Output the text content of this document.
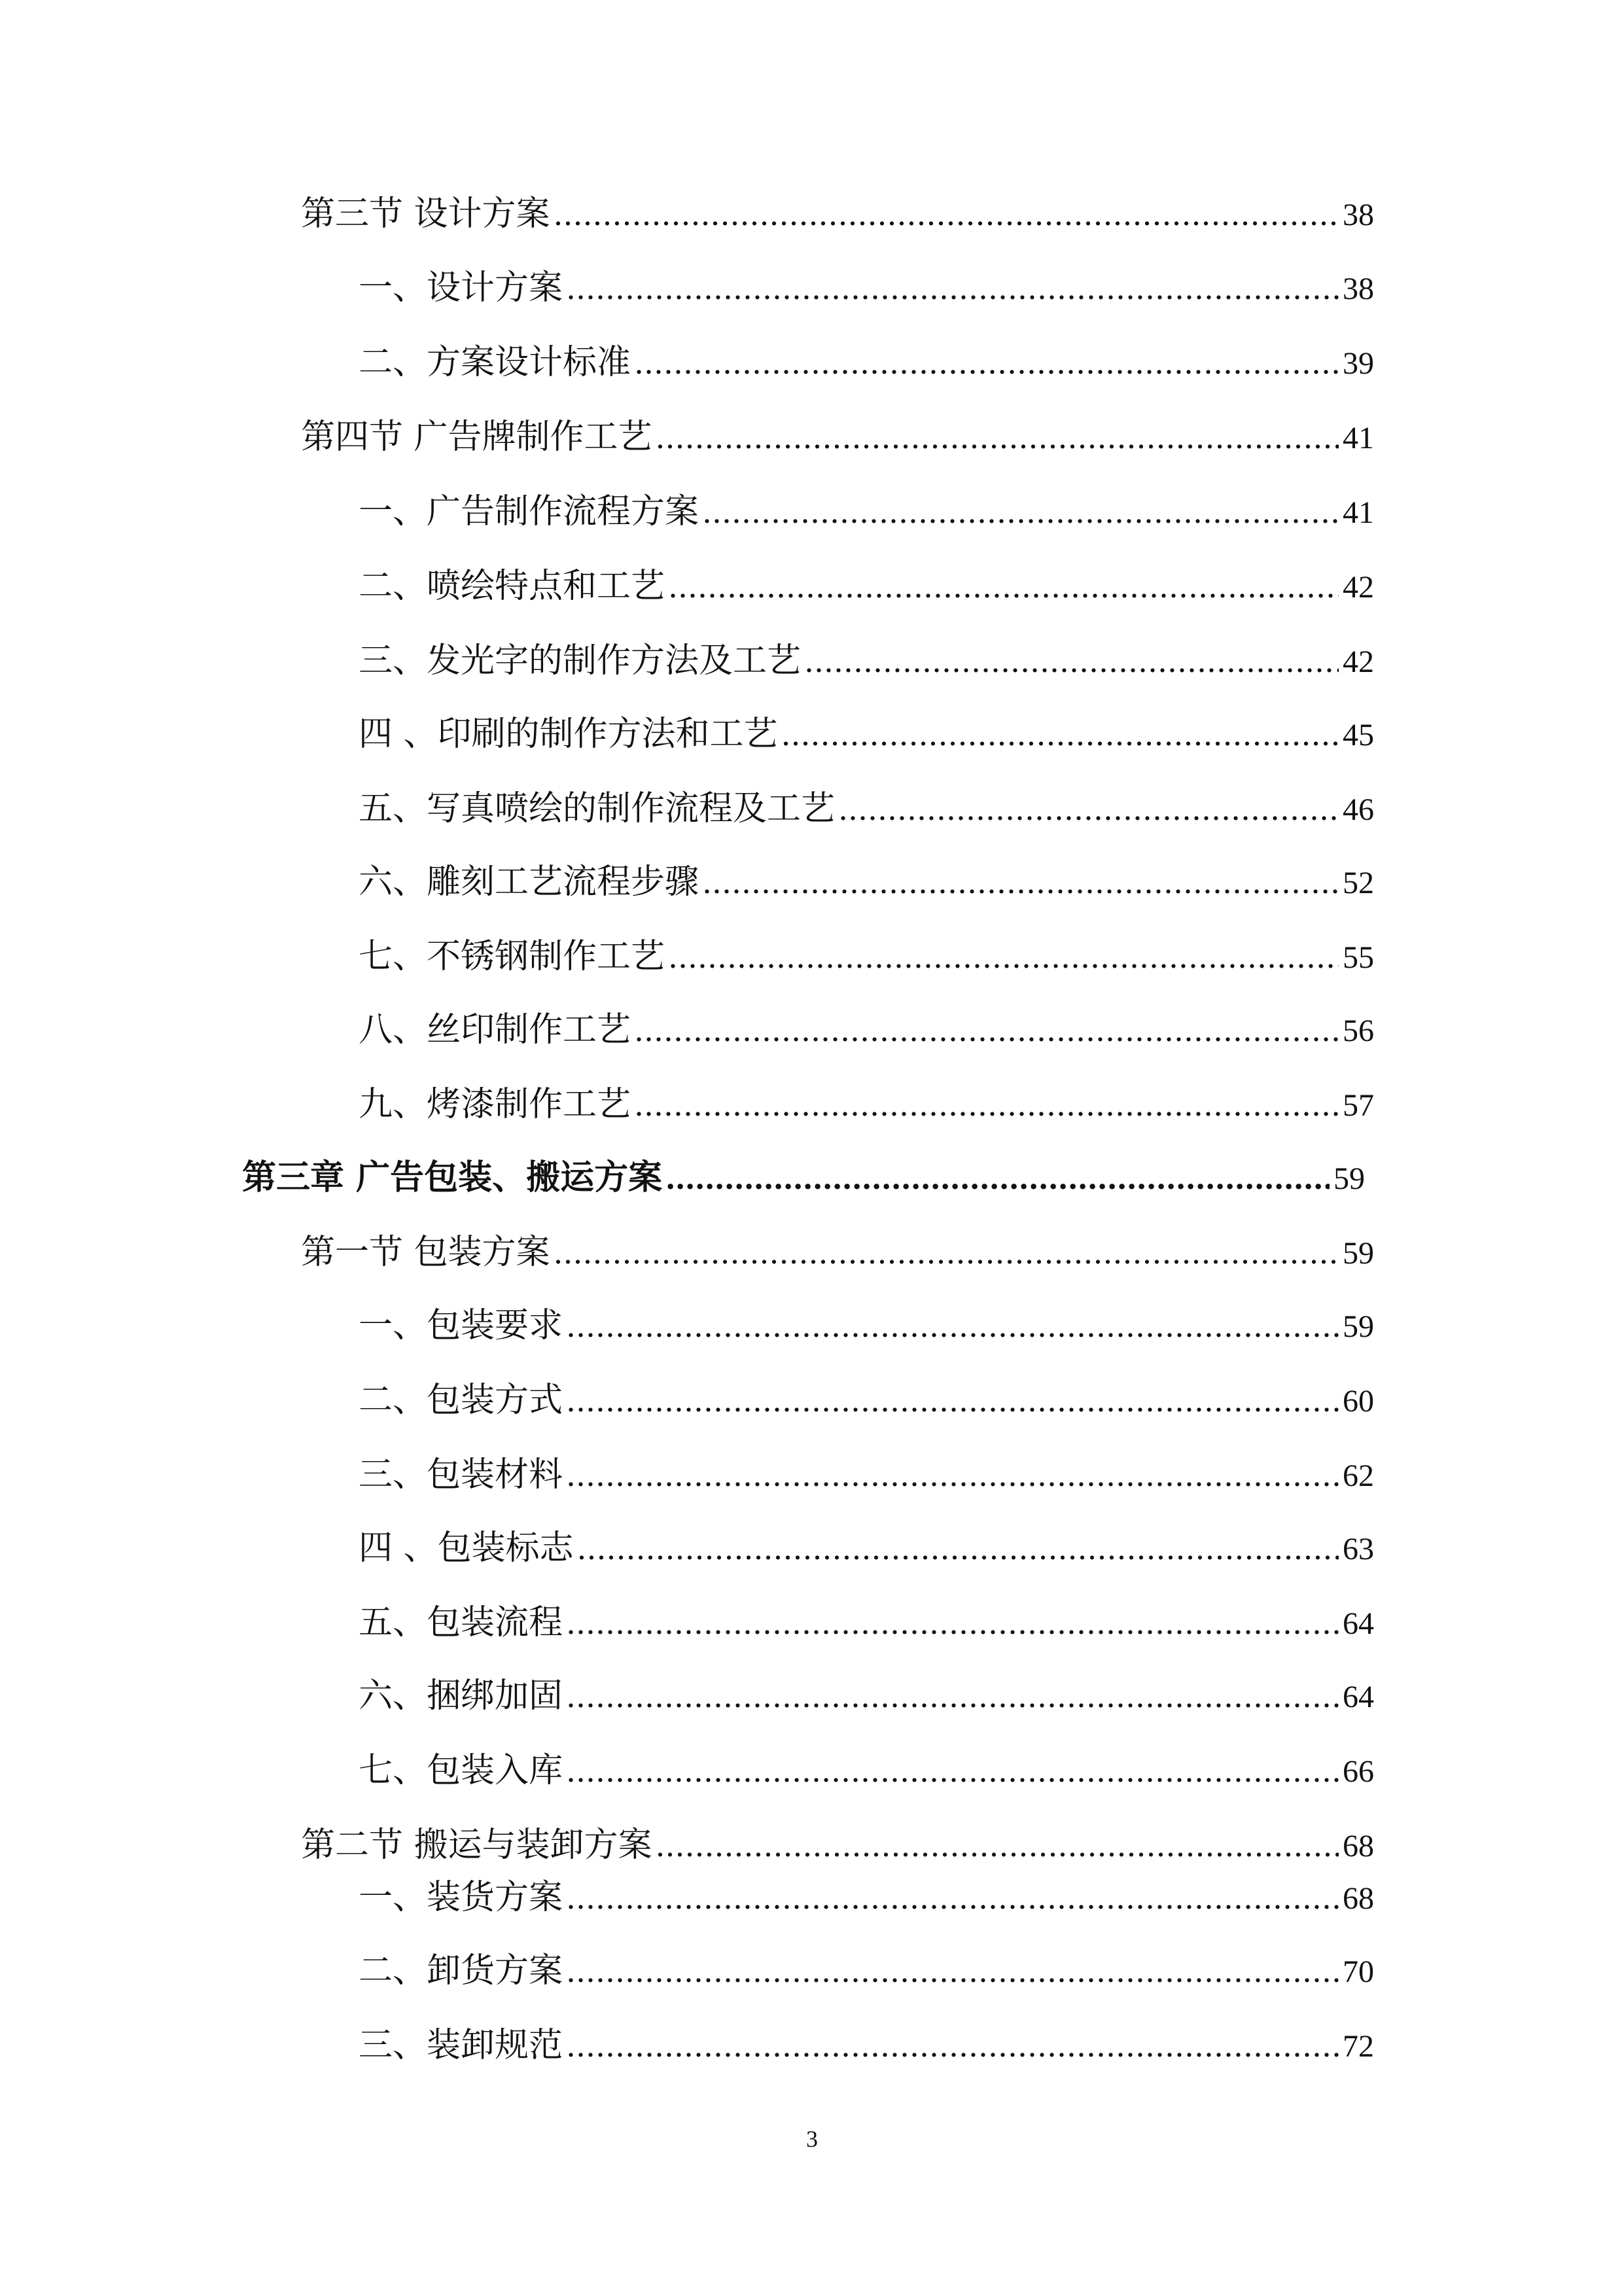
第三节 设计方案 .....	38
一、设计方案 .....	38
二、方案设计标准 .....	39
第四节 广告牌制作工艺 .....	41
一、广告制作流程方案 .....	41
二、喷绘特点和工艺 .....	42
三、发光字的制作方法及工艺 .....	42
四 、印刷的制作方法和工艺 .....	45
五、写真喷绘的制作流程及工艺 .....	46
六、雕刻工艺流程步骤 .....	52
七、不锈钢制作工艺 .....	55
八、丝印制作工艺 .....	56
九、烤漆制作工艺 .....	57
第三章 广告包装、搬运方案 .....	59
第一节 包装方案 .....	59
一、包装要求 .....	59
二、包装方式 .....	60
三、包装材料 .....	62
四 、包装标志 .....	63
五、包装流程 .....	64
六、捆绑加固 .....	64
七、包装入库 .....	66
第二节 搬运与装卸方案 .....	68
一、装货方案 .....	68
二、卸货方案 .....	70
三、装卸规范 .....	72
3
